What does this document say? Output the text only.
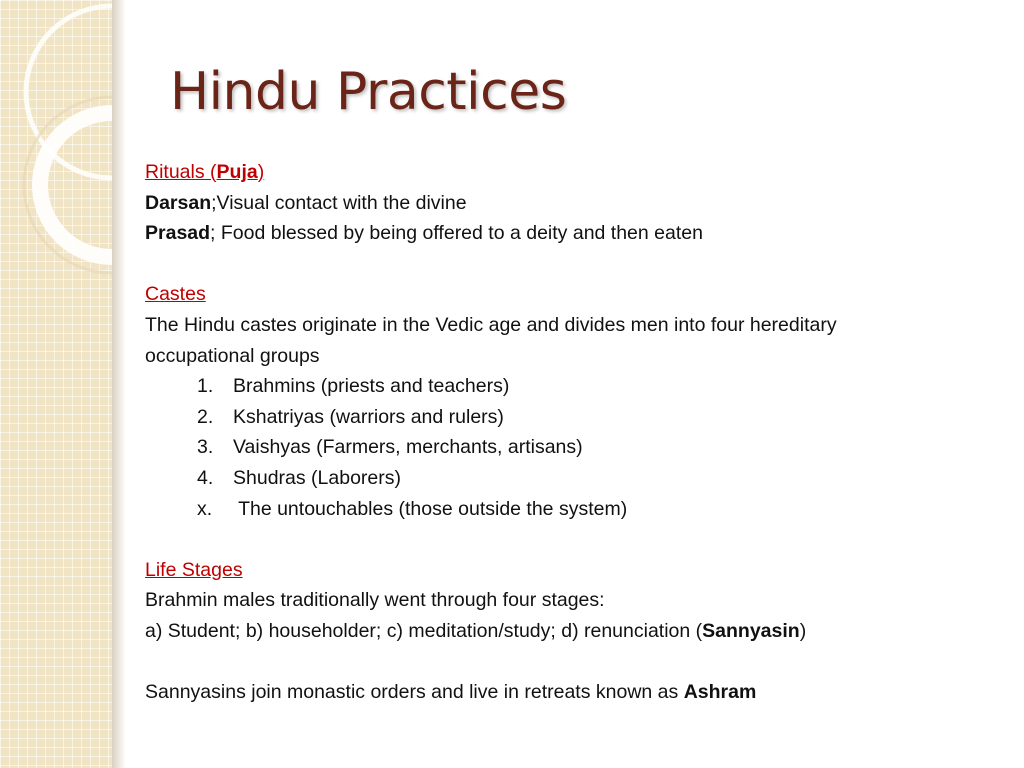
Hindu Practices
Rituals (Puja)
Darsan;Visual contact with the divine
Prasad; Food blessed by being offered to a deity and then eaten
Castes
The Hindu castes originate in the Vedic age and divides men into four hereditary
occupational groups
1. Brahmins (priests and teachers)
2. Kshatriyas (warriors and rulers)
3. Vaishyas (Farmers, merchants, artisans)
4. Shudras (Laborers)
x. The untouchables (those outside the system)
Life Stages
Brahmin males traditionally went through four stages:
a) Student; b) householder; c) meditation/study; d) renunciation (Sannyasin)
Sannyasins join monastic orders and live in retreats known as Ashram
